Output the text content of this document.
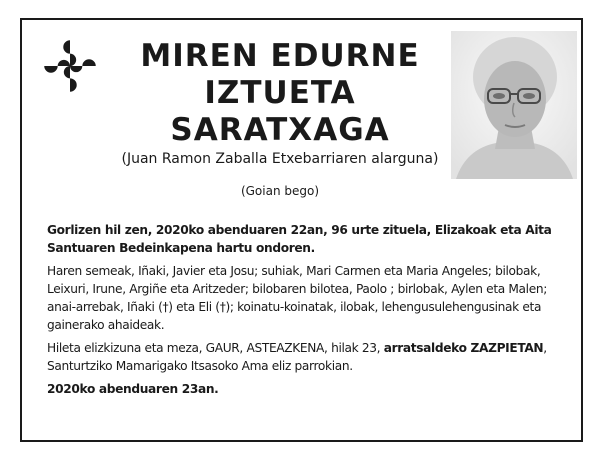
MIREN EDURNE
IZTUETA
SARATXAGA
(Juan Ramon Zaballa Etxebarriaren alarguna)
(Goian bego)

Gorlizen hil zen, 2020ko abenduaren 22an, 96 urte zituela, Elizakoak eta Aita Santuaren Bedeinkapena hartu ondoren.

Haren semeak, Iñaki, Javier eta Josu; suhiak, Mari Carmen eta Maria Angeles; bilobak, Leixuri, Irune, Argiñe eta Aritzeder; bilobaren bilotea, Paolo ; birlobak, Aylen eta Malen; anai-arrebak, Iñaki (†) eta Eli (†); koinatu-koinatak, ilobak, lehengusulehengusinak eta gainerako ahaideak.

Hileta elizkizuna eta meza, GAUR, ASTEAZKENA, hilak 23, arratsaldeko ZAZPIETAN, Santurtziko Mamarigako Itsasoko Ama eliz parrokian.

2020ko abenduaren 23an.
